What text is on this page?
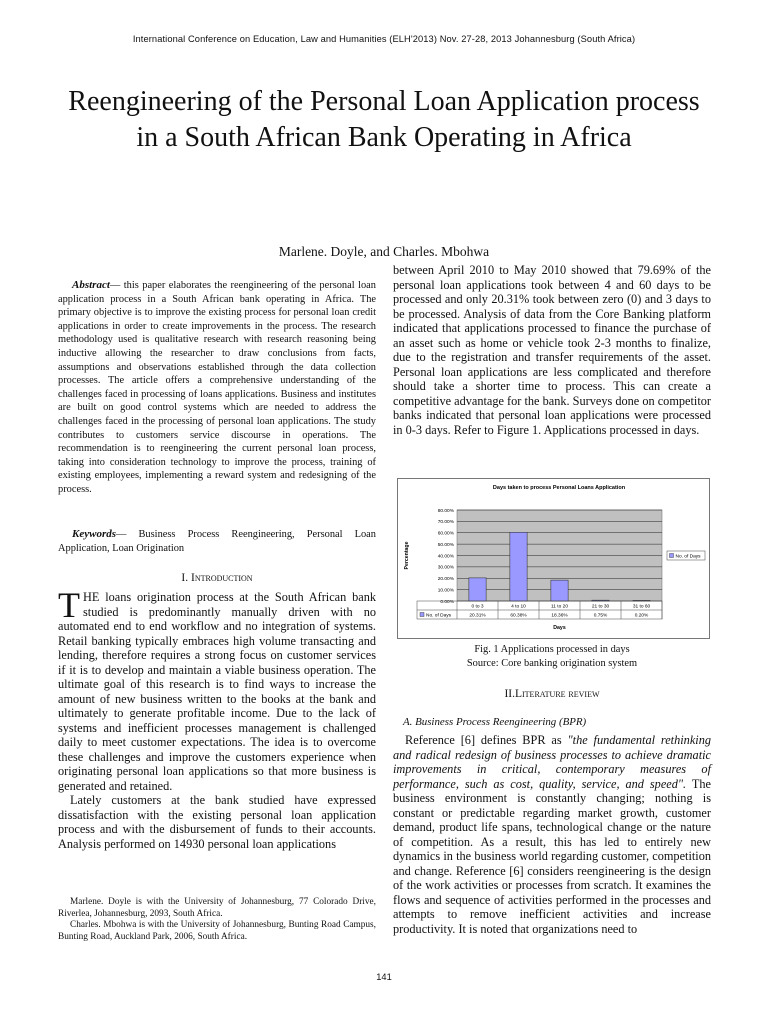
International Conference on Education, Law and Humanities (ELH'2013) Nov. 27-28, 2013 Johannesburg (South Africa)
Reengineering of the Personal Loan Application process in a South African Bank Operating in Africa
Marlene. Doyle, and Charles. Mbohwa
Abstract— this paper elaborates the reengineering of the personal loan application process in a South African bank operating in Africa. The primary objective is to improve the existing process for personal loan credit applications in order to create improvements in the process. The research methodology used is qualitative research with research reasoning being inductive allowing the researcher to draw conclusions from facts, assumptions and observations established through the data collection processes. The article offers a comprehensive understanding of the challenges faced in processing of loans applications. Business and institutes are built on good control systems which are needed to address the challenges faced in the processing of personal loan applications. The study contributes to customers service discourse in operations. The recommendation is to reengineering the current personal loan process, taking into consideration technology to improve the process, training of existing employees, implementing a reward system and redesigning of the process.
Keywords— Business Process Reengineering, Personal Loan Application, Loan Origination
I. Introduction

THE loans origination process at the South African bank studied is predominantly manually driven with no automated end to end workflow and no integration of systems. Retail banking typically embraces high volume transacting and lending, therefore requires a strong focus on customer services if it is to develop and maintain a viable business operation. The ultimate goal of this research is to find ways to increase the amount of new business written to the books at the bank and ultimately to generate profitable income. Due to the lack of systems and inefficient processes management is challenged daily to meet customer expectations. The idea is to overcome these challenges and improve the customers experience when originating personal loan applications so that more business is generated and retained.

Lately customers at the bank studied have expressed dissatisfaction with the existing personal loan application process and with the disbursement of funds to their accounts. Analysis performed on 14930 personal loan applications

Marlene. Doyle is with the University of Johannesburg, 77 Colorado Drive, Riverlea, Johannesburg, 2093, South Africa.

Charles. Mbohwa is with the University of Johannesburg, Bunting Road Campus, Bunting Road, Auckland Park, 2006, South Africa.

between April 2010 to May 2010 showed that 79.69% of the personal loan applications took between 4 and 60 days to be processed and only 20.31% took between zero (0) and 3 days to be processed. Analysis of data from the Core Banking platform indicated that applications processed to finance the purchase of an asset such as home or vehicle took 2-3 months to finalize, due to the registration and transfer requirements of the asset. Personal loan applications are less complicated and therefore should take a shorter time to process. This can create a competitive advantage for the bank. Surveys done on competitor banks indicated that personal loan applications were processed in 0-3 days. Refer to Figure 1. Applications processed in days.
Days taken to process Personal Loans Application
0.00%
10.00%
20.00%
30.00%
40.00%
50.00%
60.00%
70.00%
80.00%
0 to 3	4 to 10	11 to 20	21 to 30	31 to 60
20.31%	60.38%	18.36%	0.75%	0.20%
No. of Days
Days
Percentage	No. of Days
Fig. 1 Applications processed in days
Source: Core banking origination system
II.Literature review
A. Business Process Reengineering (BPR)
Reference [6] defines BPR as "the fundamental rethinking and radical redesign of business processes to achieve dramatic improvements in critical, contemporary measures of performance, such as cost, quality, service, and speed". The business environment is constantly changing; nothing is constant or predictable regarding market growth, customer demand, product life spans, technological change or the nature of competition. As a result, this has led to entirely new dynamics in the business world regarding customer, competition and change. Reference [6] considers reengineering is the design of the work activities or processes from scratch. It examines the flows and sequence of activities performed in the processes and attempts to remove inefficient activities and increase productivity. It is noted that organizations need to
141
